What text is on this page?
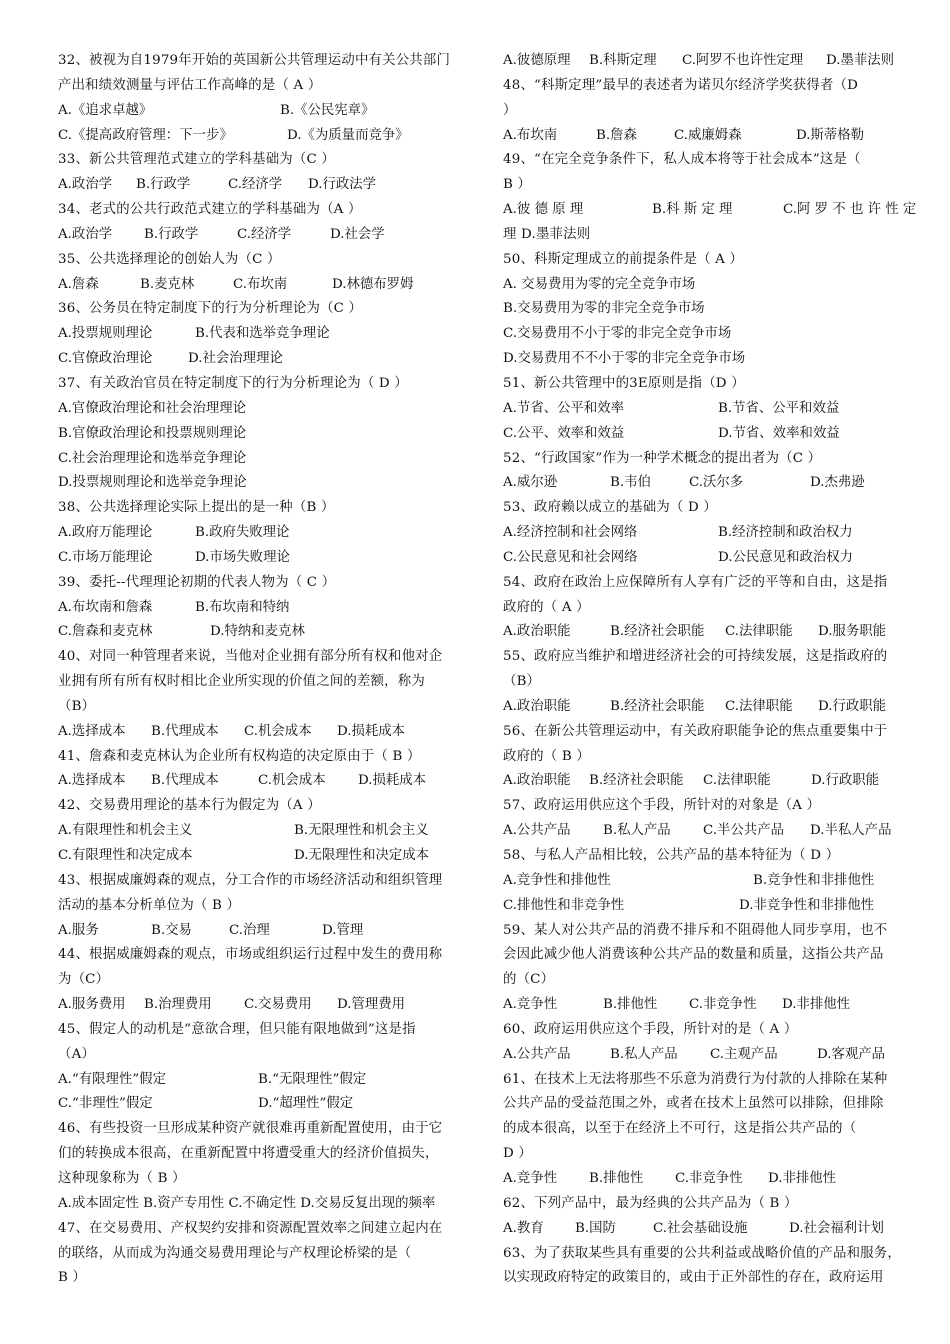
32、被视为自1979年开始的英国新公共管理运动中有关公共部门
产出和绩效测量与评估工作高峰的是（ A ）
A.《追求卓越》	B.《公民宪章》
C.《提高政府管理：下一步》	D.《为质量而竞争》
33、新公共管理范式建立的学科基础为（C ）
A.政治学 B.行政学	C.经济学 D.行政法学
34、老式的公共行政范式建立的学科基础为（A ）
A.政治学 B.行政学	C.经济学	D.社会学
35、公共选择理论的创始人为（C ）
A.詹森	B.麦克林	C.布坎南	D.林德布罗姆
36、公务员在特定制度下的行为分析理论为（C ）
A.投票规则理论	B.代表和选举竞争理论
C.官僚政治理论	D.社会治理理论
37、有关政治官员在特定制度下的行为分析理论为（ D ）
A.官僚政治理论和社会治理理论
B.官僚政治理论和投票规则理论
C.社会治理理论和选举竞争理论
D.投票规则理论和选举竞争理论
38、公共选择理论实际上提出的是一种（B ）
A.政府万能理论	B.政府失败理论
C.市场万能理论	D.市场失败理论
39、委托--代理理论初期的代表人物为（ C ）
A.布坎南和詹森	B.布坎南和特纳
C.詹森和麦克林	D.特纳和麦克林
40、对同一种管理者来说，当他对企业拥有部分所有权和他对企
业拥有所有所有权时相比企业所实现的价值之间的差额，称为
（B）
A.选择成本 B.代理成本 C.机会成本 D.损耗成本
41、詹森和麦克林认为企业所有权构造的决定原由于（ B ）
A.选择成本 B.代理成本	C.机会成本 D.损耗成本
42、交易费用理论的基本行为假定为（A ）
A.有限理性和机会主义	B.无限理性和机会主义
C.有限理性和决定成本	D.无限理性和决定成本
43、根据威廉姆森的观点，分工合作的市场经济活动和组织管理
活动的基本分析单位为（ B ）
A.服务	B.交易	C.治理	D.管理
44、根据威廉姆森的观点，市场或组织运行过程中发生的费用称
为（C）
A.服务费用 B.治理费用 C.交易费用 D.管理费用
45、假定人的动机是“意欲合理，但只能有限地做到”这是指
（A）
A.“有限理性”假定	B.“无限理性”假定
C.“非理性”假定	D.“超理性”假定
46、有些投资一旦形成某种资产就很难再重新配置使用，由于它
们的转换成本很高，在重新配置中将遭受重大的经济价值损失，
这种现象称为（ B ）
A.成本固定性 B.资产专用性 C.不确定性 D.交易反复出现的频率
47、在交易费用、产权契约安排和资源配置效率之间建立起内在
的联络，从而成为沟通交易费用理论与产权理论桥梁的是（
B ）
A.彼德原理 B.科斯定理 C.阿罗不也许性定理 D.墨菲法则
48、“科斯定理”最早的表述者为诺贝尔经济学奖获得者（D
）
A.布坎南	B.詹森	C.威廉姆森	D.斯蒂格勒
49、“在完全竞争条件下，私人成本将等于社会成本”这是（
B ）
A.彼 德 原 理	B.科 斯 定 理	C.阿 罗 不 也 许 性 定
理 D.墨菲法则
50、科斯定理成立的前提条件是（ A ）
A. 交易费用为零的完全竞争市场
B.交易费用为零的非完全竞争市场
C.交易费用不小于零的非完全竞争市场
D.交易费用不不小于零的非完全竞争市场
51、新公共管理中的3E原则是指（D ）
A.节省、公平和效率	B.节省、公平和效益
C.公平、效率和效益	D.节省、效率和效益
52、“行政国家”作为一种学术概念的提出者为（C ）
A.威尔逊	B.韦伯	C.沃尔多	D.杰弗逊
53、政府赖以成立的基础为（ D ）
A.经济控制和社会网络	B.经济控制和政治权力
C.公民意见和社会网络	D.公民意见和政治权力
54、政府在政治上应保障所有人享有广泛的平等和自由，这是指
政府的（ A ）
A.政治职能	B.经济社会职能 C.法律职能 D.服务职能
55、政府应当维护和增进经济社会的可持续发展，这是指政府的
（B）
A.政治职能	B.经济社会职能 C.法律职能 D.行政职能
56、在新公共管理运动中，有关政府职能争论的焦点重要集中于
政府的（ B ）
A.政治职能 B.经济社会职能 C.法律职能	D.行政职能
57、政府运用供应这个手段，所针对的对象是（A ）
A.公共产品 B.私人产品 C.半公共产品 D.半私人产品
58、与私人产品相比较，公共产品的基本特征为（ D ）
A.竞争性和排他性	B.竞争性和非排他性
C.排他性和非竞争性	D.非竞争性和非排他性
59、某人对公共产品的消费不排斥和不阻碍他人同步享用，也不
会因此减少他人消费该种公共产品的数量和质量，这指公共产品
的（C）
A.竞争性	B.排他性 C.非竞争性 D.非排他性
60、政府运用供应这个手段，所针对的是（ A ）
A.公共产品	B.私人产品 C.主观产品	D.客观产品
61、在技术上无法将那些不乐意为消费行为付款的人排除在某种
公共产品的受益范围之外，或者在技术上虽然可以排除，但排除
的成本很高，以至于在经济上不可行，这是指公共产品的（
D ）
A.竞争性 B.排他性 C.非竞争性 D.非排他性
62、下列产品中，最为经典的公共产品为（ B ）
A.教育 B.国防	C.社会基础设施	D.社会福利计划
63、为了获取某些具有重要的公共利益或战略价值的产品和服务，
以实现政府特定的政策目的，或由于正外部性的存在，政府运用
